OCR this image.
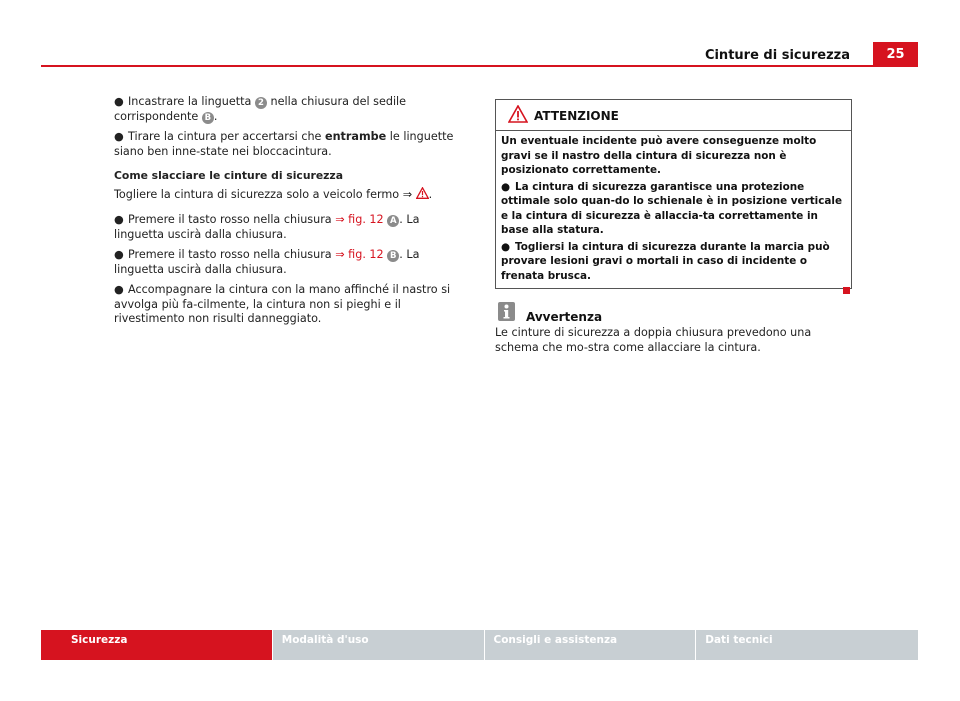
Cinture di sicurezza	25

● Incastrare la linguetta 2 nella chiusura del sedile corrispondente B .

● Tirare la cintura per accertarsi che entrambe le linguette siano ben inne-state nei bloccacintura.

Come slacciare le cinture di sicurezza

Togliere la cintura di sicurezza solo a veicolo fermo ⇒ .

● Premere il tasto rosso nella chiusura ⇒ fig. 12 A . La linguetta uscirà dalla chiusura.

● Premere il tasto rosso nella chiusura ⇒ fig. 12 B . La linguetta uscirà dalla chiusura.

● Accompagnare la cintura con la mano affinché il nastro si avvolga più fa-cilmente, la cintura non si pieghi e il rivestimento non risulti danneggiato.

ATTENZIONE

Un eventuale incidente può avere conseguenze molto gravi se il nastro della cintura di sicurezza non è posizionato correttamente.

● La cintura di sicurezza garantisce una protezione ottimale solo quan-do lo schienale è in posizione verticale e la cintura di sicurezza è allaccia-ta correttamente in base alla statura.

● Togliersi la cintura di sicurezza durante la marcia può provare lesioni gravi o mortali in caso di incidente o frenata brusca.

Avvertenza

Le cinture di sicurezza a doppia chiusura prevedono una schema che mo-stra come allacciare la cintura.

Sicurezza	Modalità d'uso	Consigli e assistenza	Dati tecnici
